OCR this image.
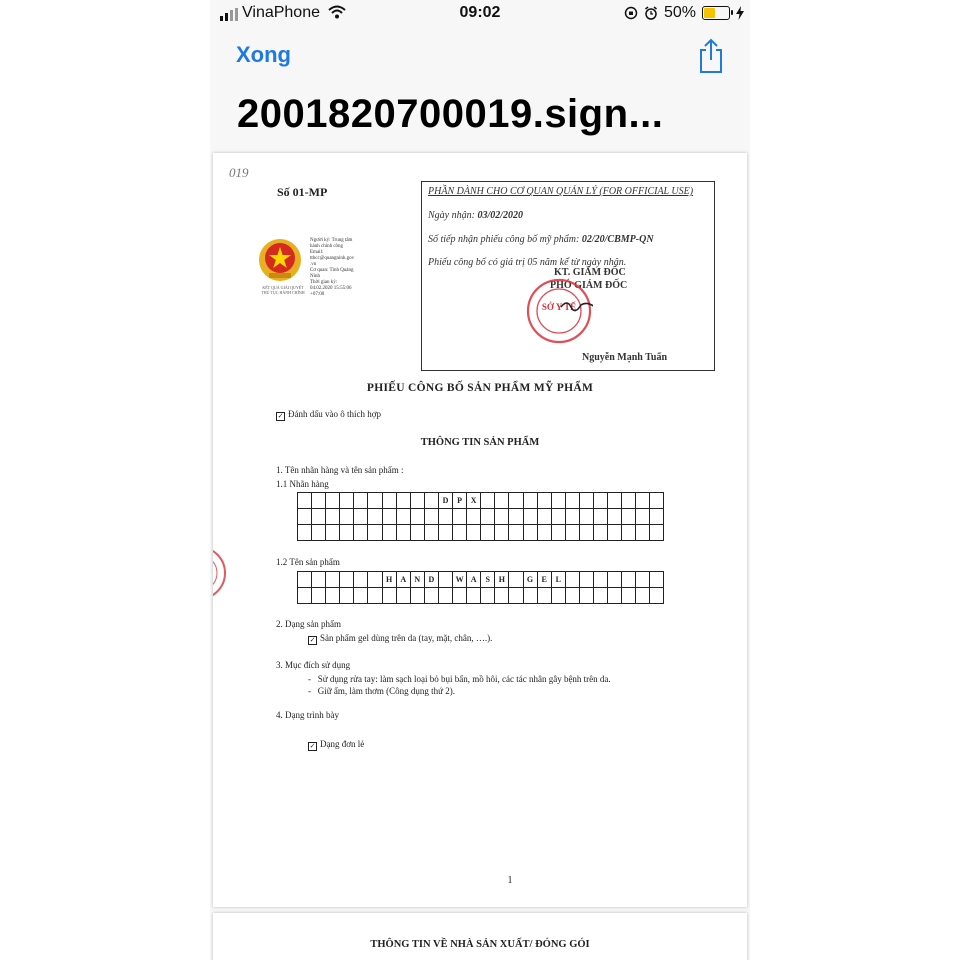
VinaPhone	09:02	50%
Xong
2001820700019.sign...
019
Số 01-MP
KẾT QUẢ GIẢI QUYẾT
THỦ TỤC HÀNH CHÍNH
Người ký: Trung tâm
hành chính công
Email:
tthcc@quangninh.gov
.vn
Cơ quan: Tỉnh Quảng
Ninh
Thời gian ký:
04.02.2020 15:55:06
+07:00
PHẦN DÀNH CHO CƠ QUAN QUẢN LÝ (FOR OFFICIAL USE)
Ngày nhận: 03/02/2020
Số tiếp nhận phiếu công bố mỹ phẩm: 02/20/CBMP-QN
Phiếu công bố có giá trị 05 năm kể từ ngày nhận.
KT. GIÁM ĐỐC
PHÓ GIÁM ĐỐC
Nguyễn Mạnh Tuấn
SỞ Y TẾ
PHIẾU CÔNG BỐ SẢN PHẨM MỸ PHẨM
✓ Đánh dấu vào ô thích hợp
THÔNG TIN SẢN PHẨM
1. Tên nhãn hàng và tên sản phẩm :
1.1 Nhãn hàng
										D	P	X													

1.2 Tên sản phẩm
						H	A	N	D		W	A	S	H		G	E	L							

2. Dạng sản phẩm
✓ Sản phẩm gel dùng trên da (tay, mặt, chân, ….).
3. Mục đích sử dụng
-   Sử dụng rửa tay: làm sạch loại bỏ bụi bẩn, mồ hôi, các tác nhân gây bệnh trên da.
-   Giữ ẩm, làm thơm (Công dụng thứ 2).
4. Dạng trình bày
✓ Dạng đơn lẻ
1
THÔNG TIN VỀ NHÀ SẢN XUẤT/ ĐÓNG GÓI
